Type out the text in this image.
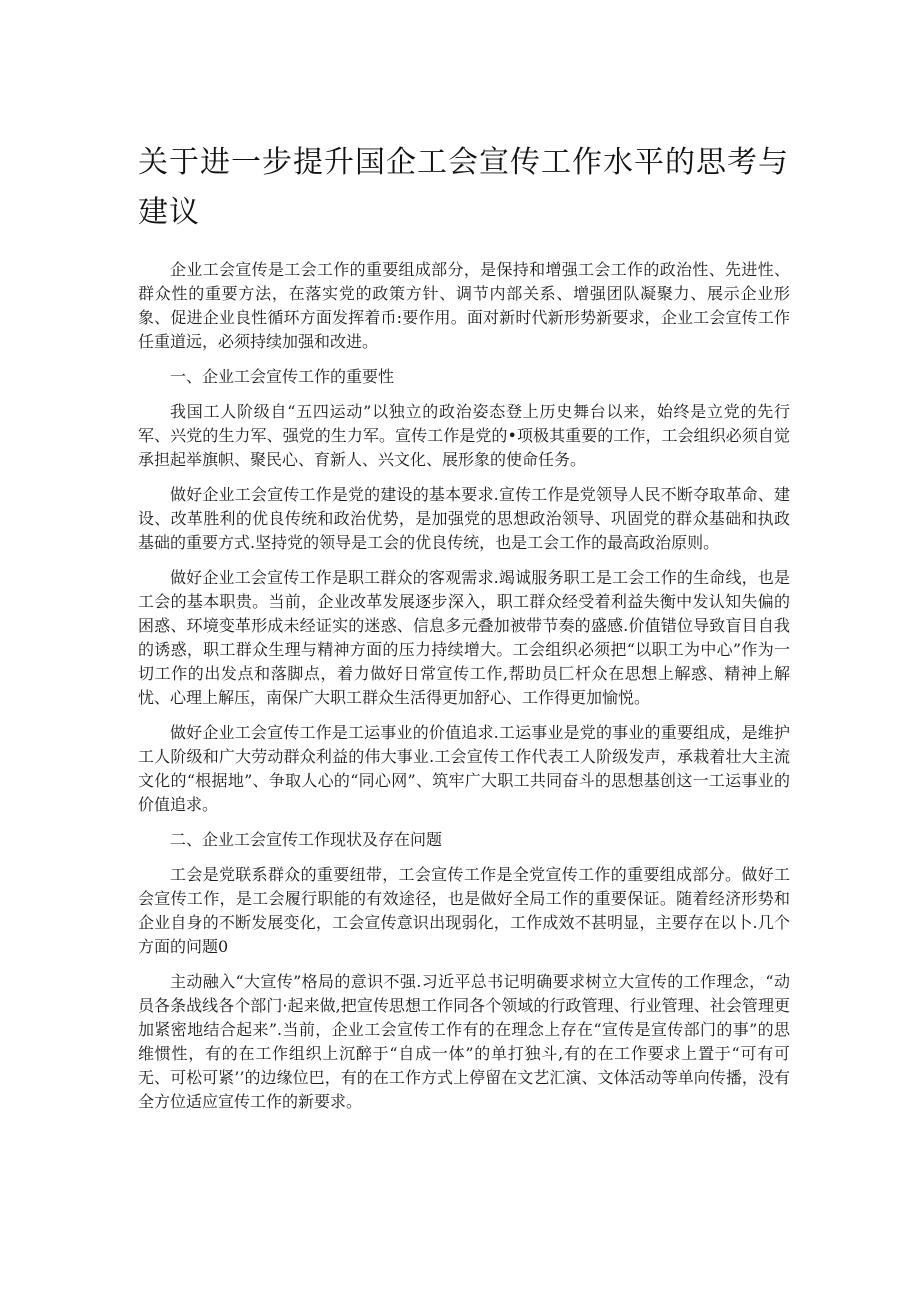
关于进一步提升国企工会宣传工作水平的思考与建议

企业工会宣传是工会工作的重要组成部分，是保持和增强工会工作的政治性、先进性、群众性的重要方法，在落实党的政策方针、调节内部关系、增强团队凝聚力、展示企业形象、促进企业良性循环方面发挥着币:要作用。面对新时代新形势新要求，企业工会宣传工作任重道远，必须持续加强和改进。

一、企业工会宣传工作的重要性

我国工人阶级自“五四运动”以独立的政治姿态登上历史舞台以来，始终是立党的先行军、兴党的生力军、强党的生力军。宣传工作是党的•项极其重要的工作，工会组织必须自觉承担起举旗帜、聚民心、育新人、兴文化、展形象的使命任务。

做好企业工会宣传工作是党的建设的基本要求.宣传工作是党领导人民不断夺取革命、建设、改革胜利的优良传统和政治优势，是加强党的思想政治领导、巩固党的群众基础和执政基础的重要方式.坚持党的领导是工会的优良传统，也是工会工作的最高政治原则。

做好企业工会宣传工作是职工群众的客观需求.竭诚服务职工是工会工作的生命线，也是工会的基本职贵。当前，企业改革发展逐步深入，职工群众经受着利益失衡中发认知失偏的困惑、环境变革形成未经证实的迷惑、信息多元叠加被带节奏的盛感.价值错位导致盲目自我的诱惑，职工群众生理与精神方面的压力持续增大。工会组织必须把“以职工为中心”作为一切工作的出发点和落脚点，着力做好日常宣传工作,帮助员匚杆众在思想上解惑、精神上解忧、心理上解压，南保广大职工群众生活得更加舒心、工作得更加愉悦。

做好企业工会宣传工作是工运事业的价值追求.工运事业是党的事业的重要组成，是维护工人阶级和广大劳动群众利益的伟大事业.工会宣传工作代表工人阶级发声，承栽着壮大主流文化的“根据地”、争取人心的“同心网”、筑牢广大职工共同奋斗的思想基创这一工运事业的价值追求。

二、企业工会宣传工作现状及存在问题

工会是党联系群众的重要纽带，工会宣传工作是全党宣传工作的重要组成部分。做好工会宣传工作，是工会履行职能的有效途径，也是做好全局工作的重要保证。随着经济形势和企业自身的不断发展变化，工会宣传意识出现弱化，工作成效不甚明显，主要存在以卜.几个方面的问题0

主动融入“大宣传”格局的意识不强.习近平总书记明确要求树立大宣传的工作理念，“动员各条战线各个部门·起来做,把宣传思想工作同各个领域的行政管理、行业管理、社会管理更加紧密地结合起来”.当前，企业工会宣传工作有的在理念上存在“宣传是宣传部门的事”的思维惯性，有的在工作组织上沉醉于“自成一体”的单打独斗,有的在工作要求上置于“可有可无、可松可紧’’的边缘位巴，有的在工作方式上停留在文艺汇演、文体活动等单向传播，没有全方位适应宣传工作的新要求。
